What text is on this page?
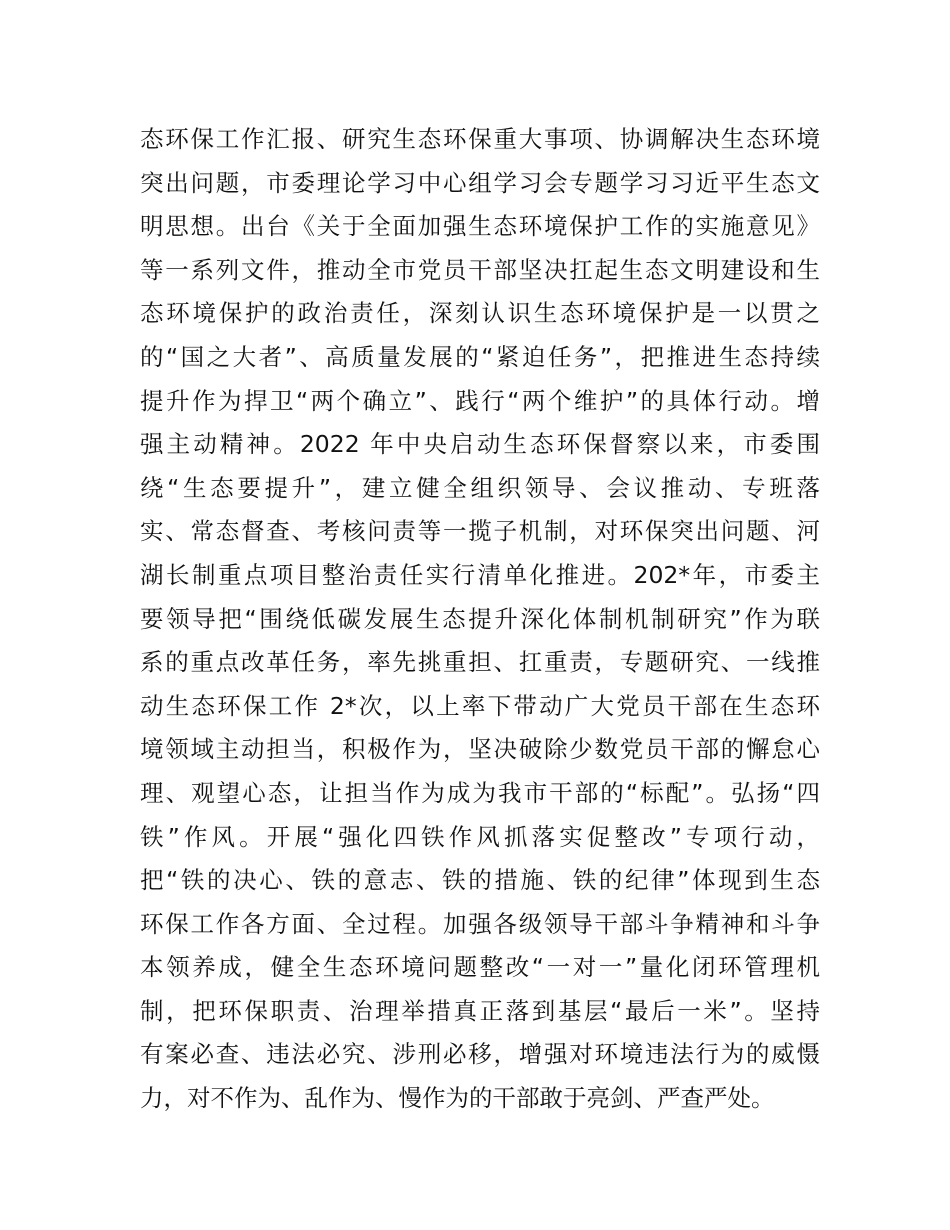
态环保工作汇报、研究生态环保重大事项、协调解决生态环境
突出问题，市委理论学习中心组学习会专题学习习近平生态文
明思想。出台《关于全面加强生态环境保护工作的实施意见》
等一系列文件，推动全市党员干部坚决扛起生态文明建设和生
态环境保护的政治责任，深刻认识生态环境保护是一以贯之
的“国之大者”、高质量发展的“紧迫任务”，把推进生态持续
提升作为捍卫“两个确立”、践行“两个维护”的具体行动。增
强主动精神。2022 年中央启动生态环保督察以来，市委围
绕“生态要提升”，建立健全组织领导、会议推动、专班落
实、常态督查、考核问责等一揽子机制，对环保突出问题、河
湖长制重点项目整治责任实行清单化推进。202*年，市委主
要领导把“围绕低碳发展生态提升深化体制机制研究”作为联
系的重点改革任务，率先挑重担、扛重责，专题研究、一线推
动生态环保工作 2*次，以上率下带动广大党员干部在生态环
境领域主动担当，积极作为，坚决破除少数党员干部的懈怠心
理、观望心态，让担当作为成为我市干部的“标配”。弘扬“四
铁”作风。开展“强化四铁作风抓落实促整改”专项行动，
把“铁的决心、铁的意志、铁的措施、铁的纪律”体现到生态
环保工作各方面、全过程。加强各级领导干部斗争精神和斗争
本领养成，健全生态环境问题整改“一对一”量化闭环管理机
制，把环保职责、治理举措真正落到基层“最后一米”。坚持
有案必查、违法必究、涉刑必移，增强对环境违法行为的威慑
力，对不作为、乱作为、慢作为的干部敢于亮剑、严查严处。
